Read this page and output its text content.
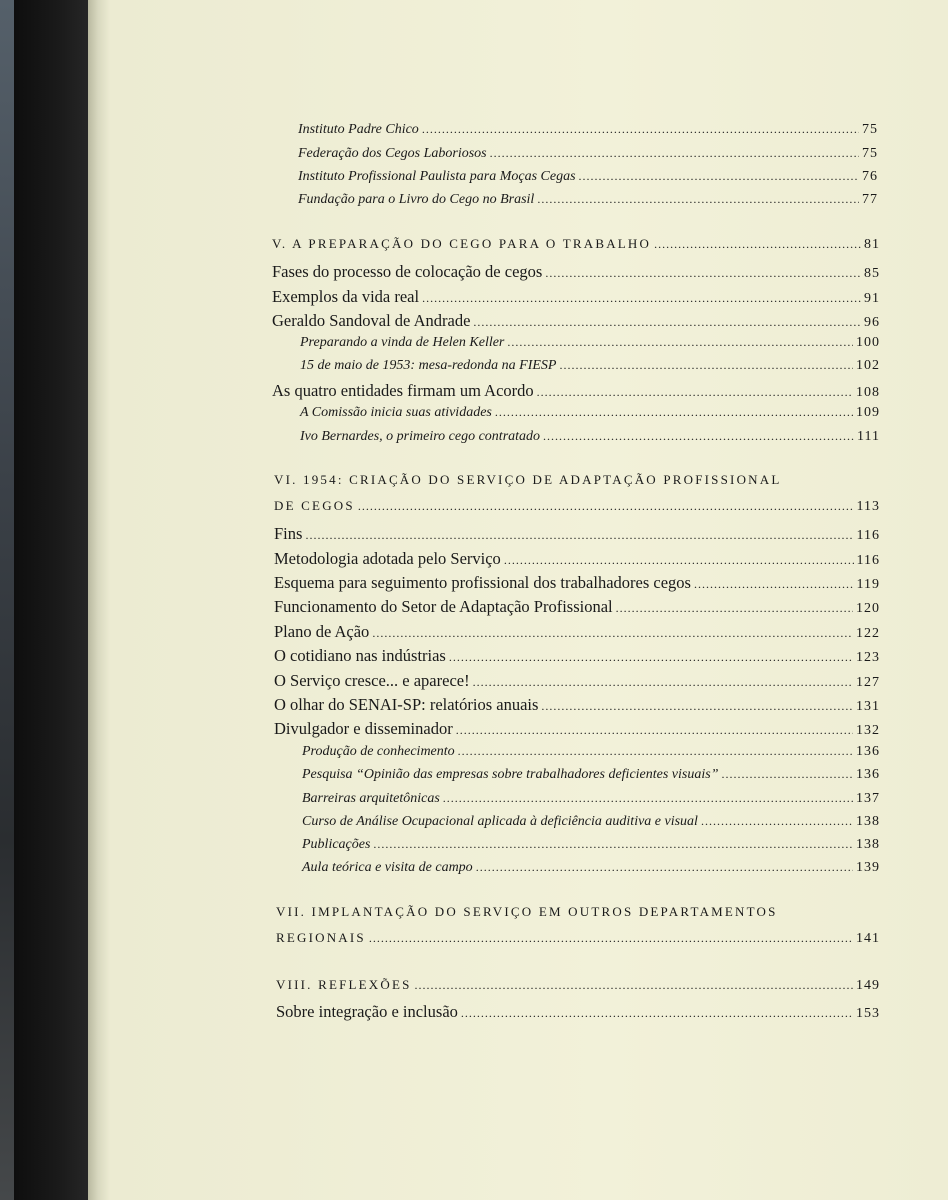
Instituto Padre Chico .....	75
Federação dos Cegos Laboriosos .....	75
Instituto Profissional Paulista para Moças Cegas .....	76
Fundação para o Livro do Cego no Brasil .....	77
V. A PREPARAÇÃO DO CEGO PARA O TRABALHO .....	81
Fases do processo de colocação de cegos .....	85
Exemplos da vida real .....	91
Geraldo Sandoval de Andrade .....	96
Preparando a vinda de Helen Keller .....	100
15 de maio de 1953: mesa-redonda na FIESP .....	102
As quatro entidades firmam um Acordo .....	108
A Comissão inicia suas atividades .....	109
Ivo Bernardes, o primeiro cego contratado .....	111
VI. 1954: CRIAÇÃO DO SERVIÇO DE ADAPTAÇÃO PROFISSIONAL
DE CEGOS .....	113
Fins .....	116
Metodologia adotada pelo Serviço .....	116
Esquema para seguimento profissional dos trabalhadores cegos .....	119
Funcionamento do Setor de Adaptação Profissional .....	120
Plano de Ação .....	122
O cotidiano nas indústrias .....	123
O Serviço cresce... e aparece! .....	127
O olhar do SENAI-SP: relatórios anuais .....	131
Divulgador e disseminador .....	132
Produção de conhecimento .....	136
Pesquisa “Opinião das empresas sobre trabalhadores deficientes visuais” .....	136
Barreiras arquitetônicas .....	137
Curso de Análise Ocupacional aplicada à deficiência auditiva e visual .....	138
Publicações .....	138
Aula teórica e visita de campo .....	139
VII. IMPLANTAÇÃO DO SERVIÇO EM OUTROS DEPARTAMENTOS
REGIONAIS .....	141
VIII. REFLEXÕES .....	149
Sobre integração e inclusão .....	153
